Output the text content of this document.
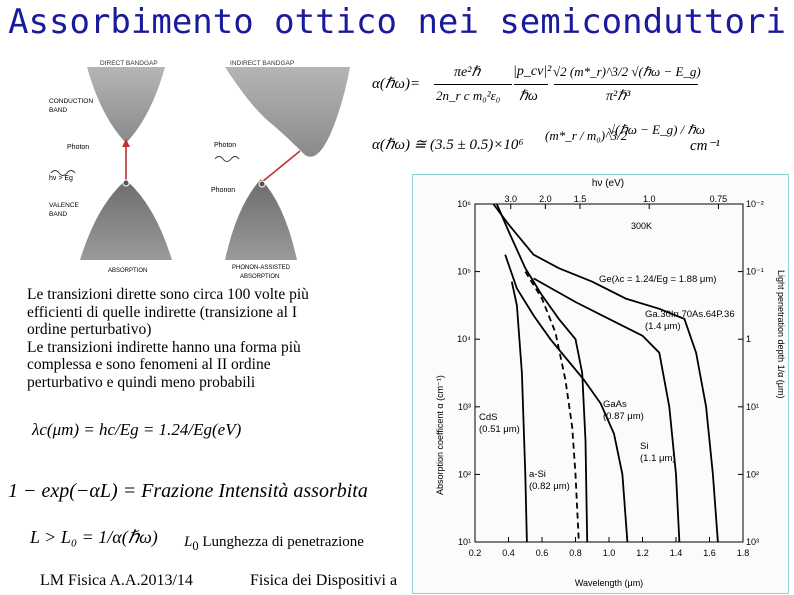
Assorbimento ottico nei semiconduttori
DIRECT BANDGAP	INDIRECT BANDGAP
CONDUCTION
BAND
Photon
hν > Eg
VALENCE
BAND
ABSORPTION
Photon
Phonon
PHONON-ASSISTED
ABSORPTION
α(ℏω)=
πe²ℏ
2n_r c m₀²ε₀
|p_cv|²
ℏω
√2 (m*_r)^3/2 √(ℏω − E_g)
π²ℏ³
α(ℏω) ≅ (3.5 ± 0.5)×10⁶
(m*_r / m₀)^3/2
√(ℏω − E_g) / ℏω
cm⁻¹
Le transizioni dirette sono circa 100 volte più
efficienti di quelle indirette (transizione al I
ordine perturbativo)
Le transizioni indirette hanno una forma più
complessa e sono fenomeni al II ordine
perturbativo e quindi meno probabili
λc(μm) = hc/Eg = 1.24/Eg(eV)
1 − exp(−αL) = Frazione Intensità assorbita
L > L₀ = 1/α(ℏω) $L_0$ Lunghezza di penetrazione
LM Fisica A.A.2013/14	Fisica dei Dispositivi a
hν (eV)
Absorption coefficent α (cm⁻¹)
Light penetration depth 1/α (μm)
Wavelength (μm)
300K
0.2 0.4 0.6 0.8 1.0 1.2 1.4 1.6 1.8
3.0 2.0 1.5	1.0	0.75
10⁶
10⁵
10⁴
10³
10²
10¹
10⁻²
10⁻¹
1
10¹
10²
10³
Ge(λc = 1.24/Eg = 1.88 μm)
Ga.30In.70As.64P.36
(1.4 μm)
GaAs
(0.87 μm)
Si
(1.1 μm)
a-Si
(0.82 μm)
CdS
(0.51 μm)
